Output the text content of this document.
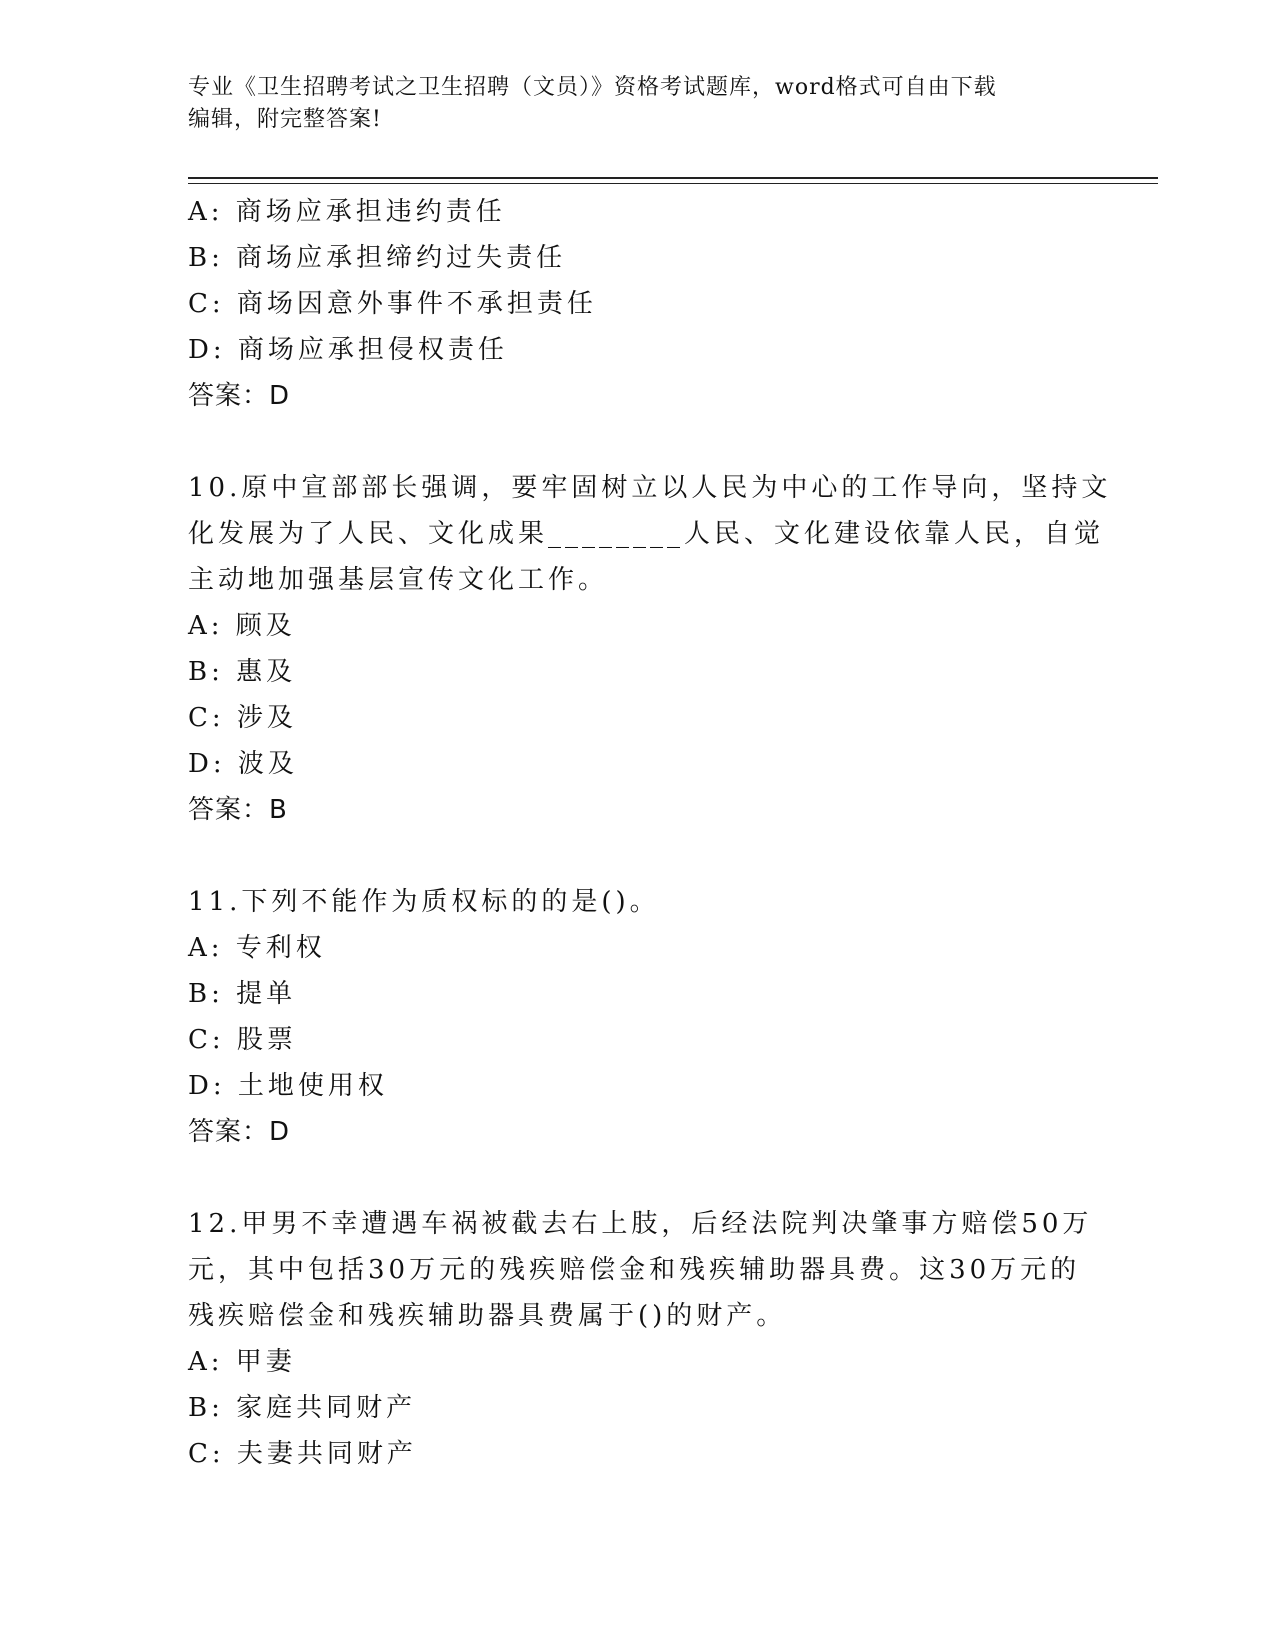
专业《卫生招聘考试之卫生招聘（文员）》资格考试题库，word格式可自由下载
编辑，附完整答案!
A: 商场应承担违约责任
B: 商场应承担缔约过失责任
C: 商场因意外事件不承担责任
D: 商场应承担侵权责任
答案：D
10.原中宣部部长强调，要牢固树立以人民为中心的工作导向，坚持文
化发展为了人民、文化成果________人民、文化建设依靠人民，自觉
主动地加强基层宣传文化工作。
A: 顾及
B: 惠及
C: 涉及
D: 波及
答案：B
11.下列不能作为质权标的的是()。
A: 专利权
B: 提单
C: 股票
D: 土地使用权
答案：D
12.甲男不幸遭遇车祸被截去右上肢，后经法院判决肇事方赔偿50万
元，其中包括30万元的残疾赔偿金和残疾辅助器具费。这30万元的
残疾赔偿金和残疾辅助器具费属于()的财产。
A: 甲妻
B: 家庭共同财产
C: 夫妻共同财产
